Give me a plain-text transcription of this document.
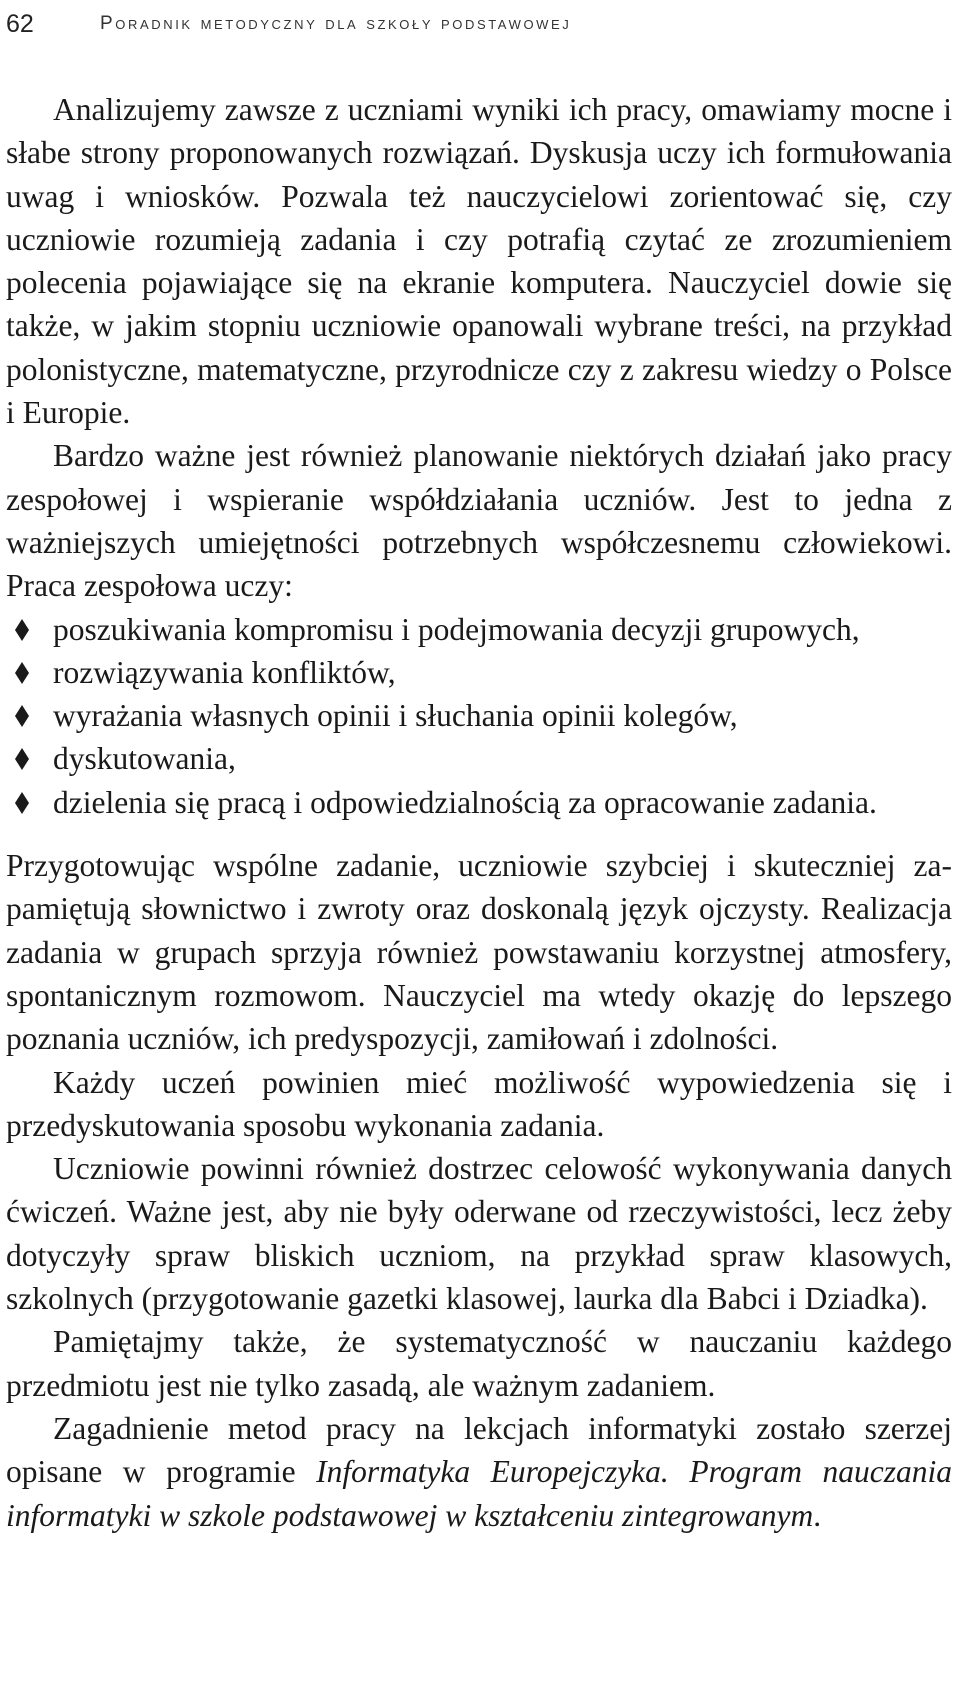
62	Poradnik metodyczny dla szkoły podstawowej

Analizujemy zawsze z uczniami wyniki ich pracy, omawiamy mocne i słabe strony proponowanych rozwiązań. Dyskusja uczy ich formułowania uwag i wniosków. Pozwala też nauczycielowi zorientować się, czy uczniowie rozumieją zadania i czy potrafią czytać ze zrozumieniem polecenia pojawiające się na ekranie komputera. Nauczyciel dowie się także, w jakim stopniu uczniowie opanowali wybrane treści, na przykład polonistyczne, matematyczne, przyrodnicze czy z zakresu wiedzy o Polsce i Europie.

Bardzo ważne jest również planowanie niektórych działań jako pracy zespołowej i wspieranie współdziałania uczniów. Jest to jedna z ważniejszych umiejętności potrzebnych współczesnemu człowiekowi. Praca zespołowa uczy:

poszukiwania kompromisu i podejmowania decyzji grupowych,
rozwiązywania konfliktów,
wyrażania własnych opinii i słuchania opinii kolegów,
dyskutowania,
dzielenia się pracą i odpowiedzialnością za opracowanie zadania.

Przygotowując wspólne zadanie, uczniowie szybciej i skuteczniej zapamiętują słownictwo i zwroty oraz doskonalą język ojczysty. Realizacja zadania w grupach sprzyja również powstawaniu korzystnej atmosfery, spontanicznym rozmowom. Nauczyciel ma wtedy okazję do lepszego poznania uczniów, ich predyspozycji, zamiłowań i zdolności.

Każdy uczeń powinien mieć możliwość wypowiedzenia się i przedyskutowania sposobu wykonania zadania.

Uczniowie powinni również dostrzec celowość wykonywania danych ćwiczeń. Ważne jest, aby nie były oderwane od rzeczywistości, lecz żeby dotyczyły spraw bliskich uczniom, na przykład spraw klasowych, szkolnych (przygotowanie gazetki klasowej, laurka dla Babci i Dziadka).

Pamiętajmy także, że systematyczność w nauczaniu każdego przedmiotu jest nie tylko zasadą, ale ważnym zadaniem.

Zagadnienie metod pracy na lekcjach informatyki zostało szerzej opisane w programie Informatyka Europejczyka. Program nauczania informatyki w szkole podstawowej w kształceniu zintegrowanym.
